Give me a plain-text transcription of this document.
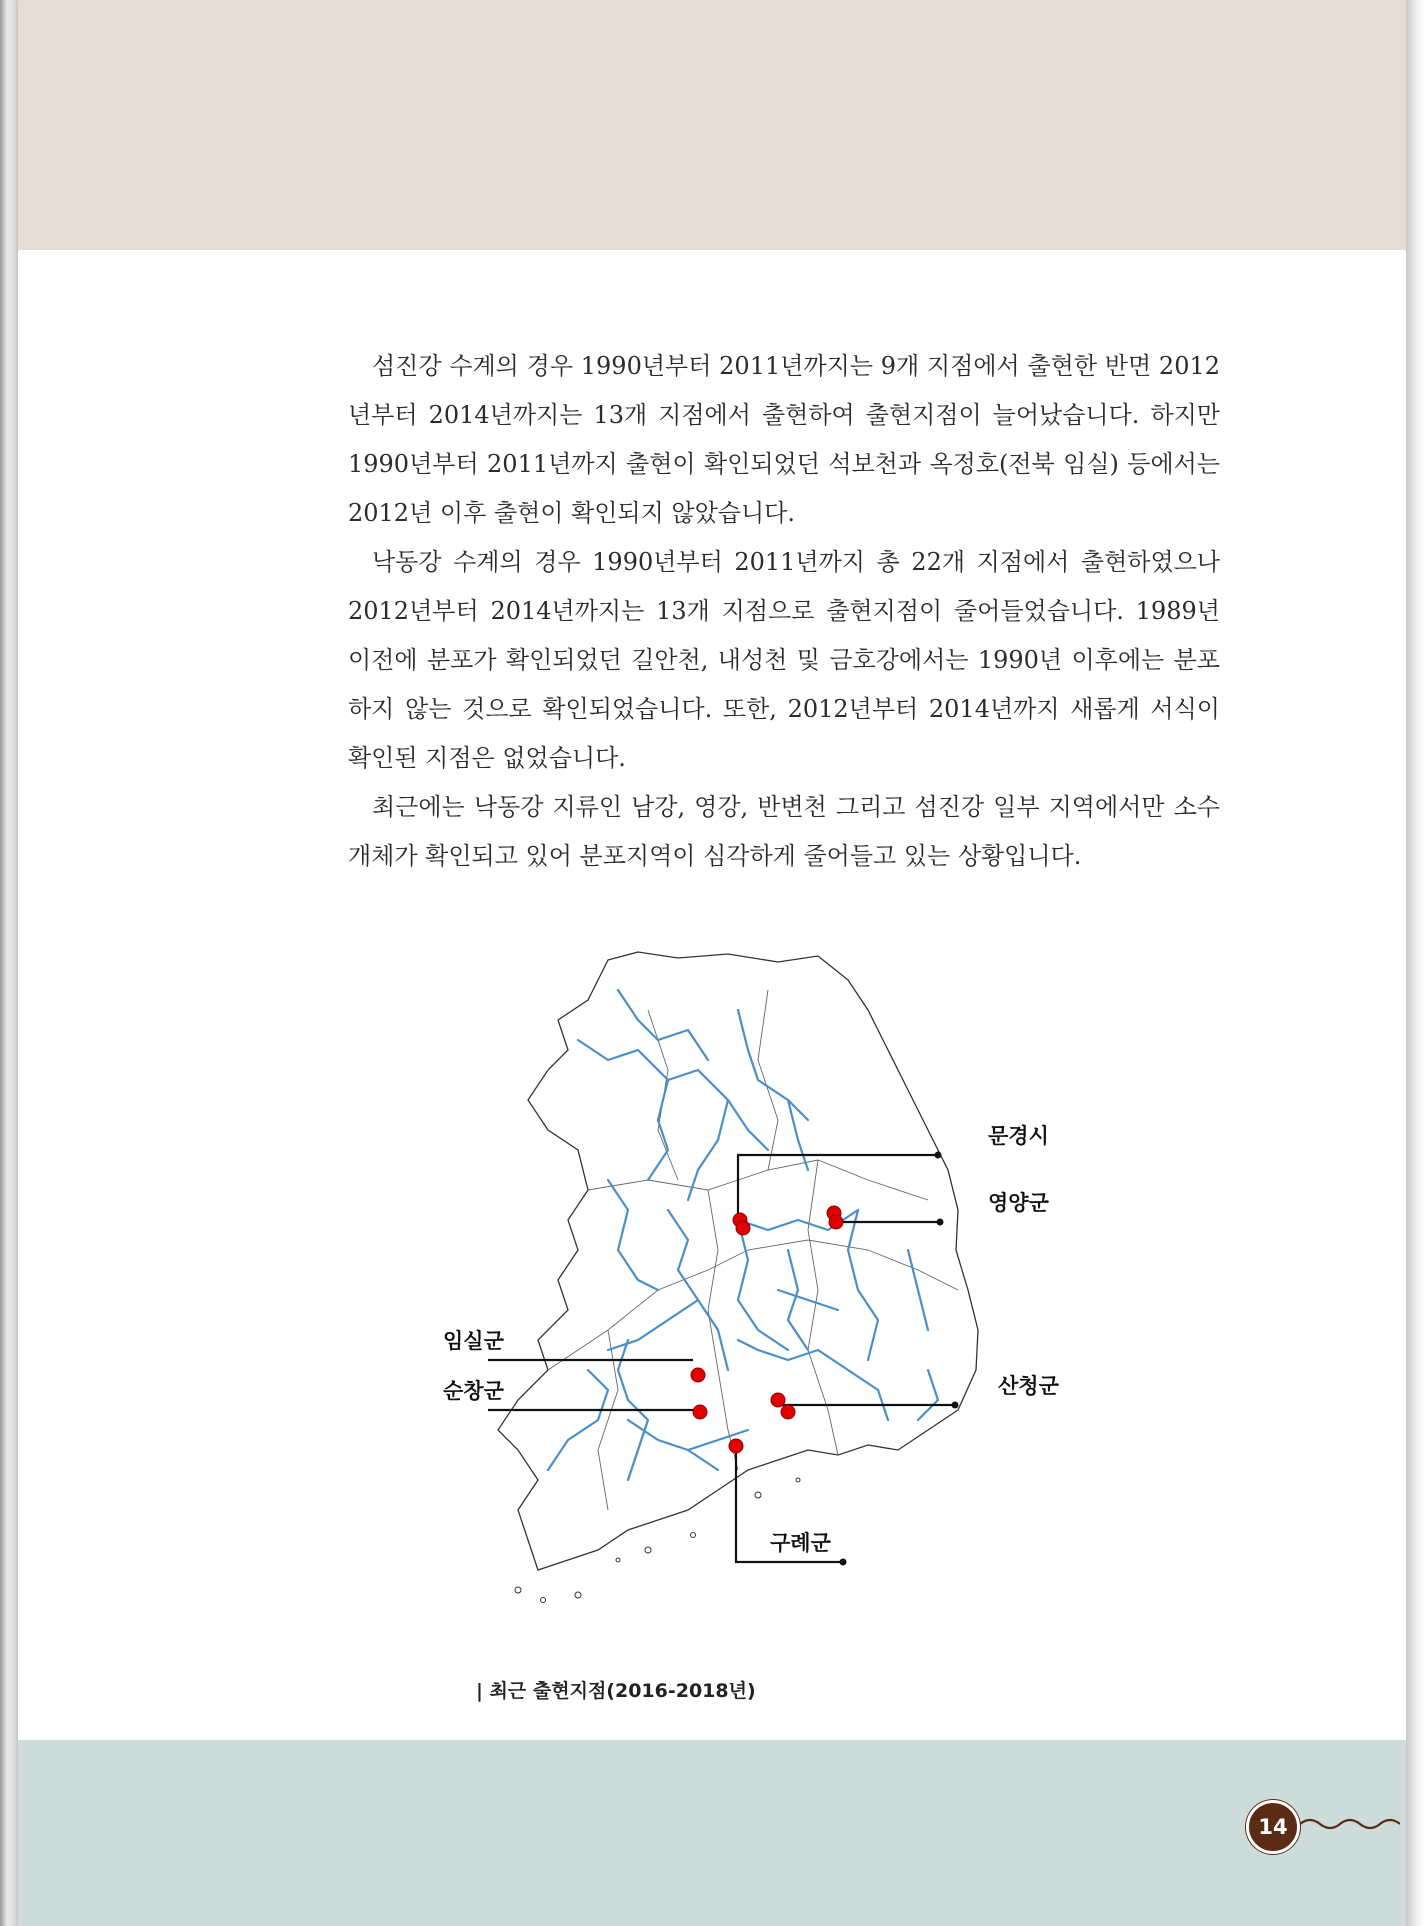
섬진강 수계의 경우 1990년부터 2011년까지는 9개 지점에서 출현한 반면 2012년부터 2014년까지는 13개 지점에서 출현하여 출현지점이 늘어났습니다. 하지만 1990년부터 2011년까지 출현이 확인되었던 석보천과 옥정호(전북 임실) 등에서는 2012년 이후 출현이 확인되지 않았습니다.

낙동강 수계의 경우 1990년부터 2011년까지 총 22개 지점에서 출현하였으나 2012년부터 2014년까지는 13개 지점으로 출현지점이 줄어들었습니다. 1989년 이전에 분포가 확인되었던 길안천, 내성천 및 금호강에서는 1990년 이후에는 분포하지 않는 것으로 확인되었습니다. 또한, 2012년부터 2014년까지 새롭게 서식이 확인된 지점은 없었습니다.

최근에는 낙동강 지류인 남강, 영강, 반변천 그리고 섬진강 일부 지역에서만 소수 개체가 확인되고 있어 분포지역이 심각하게 줄어들고 있는 상황입니다.

문경시
영양군
임실군
순창군	산청군
구례군
| 최근 출현지점(2016-2018년)
14
